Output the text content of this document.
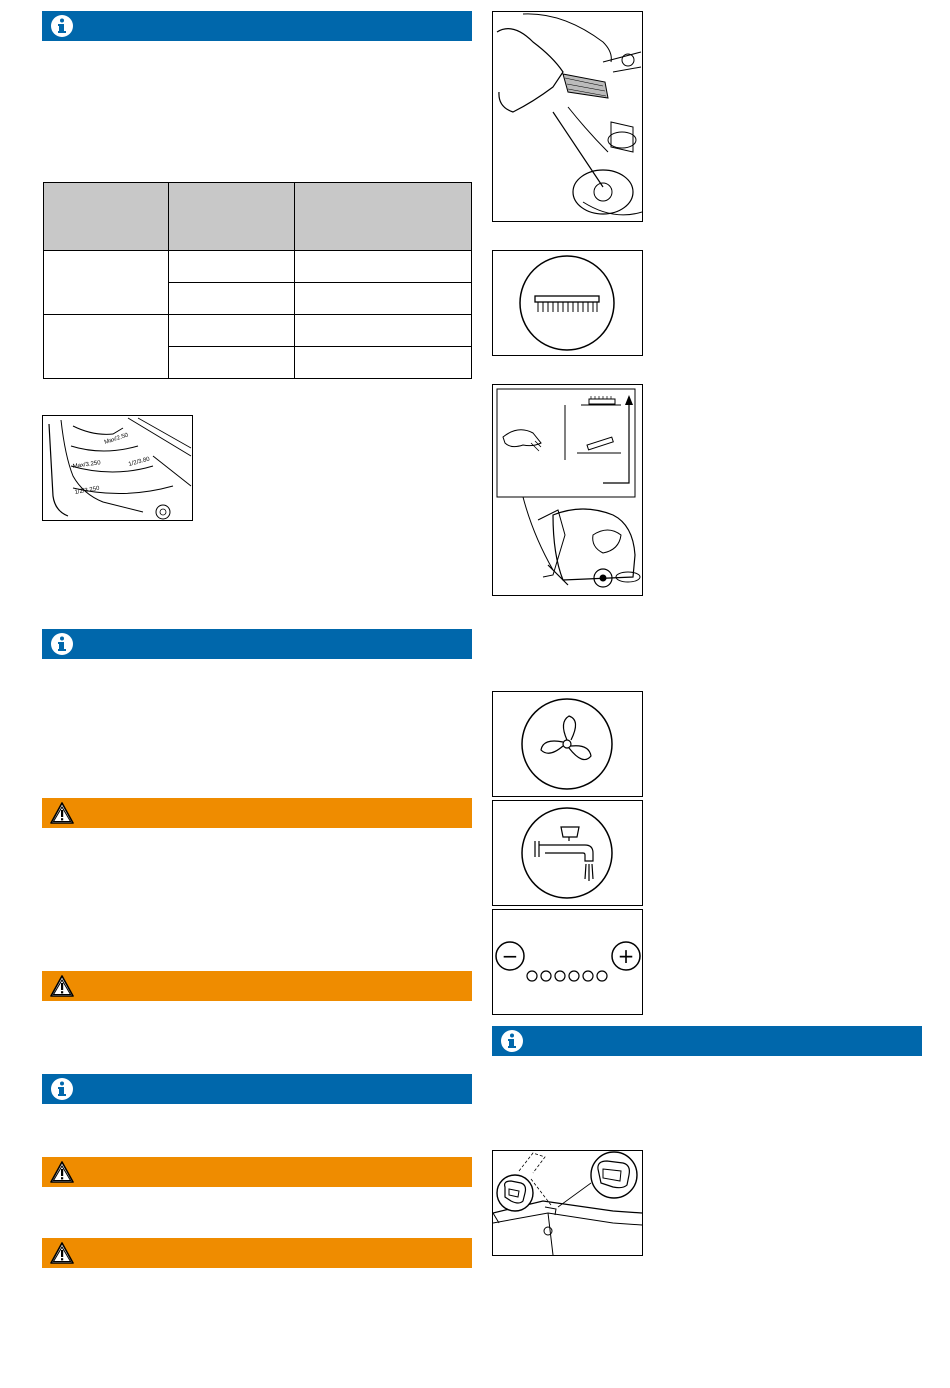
Max/2.50
1/2/3.80
Max/3.250
1/2/3.250
−	+
